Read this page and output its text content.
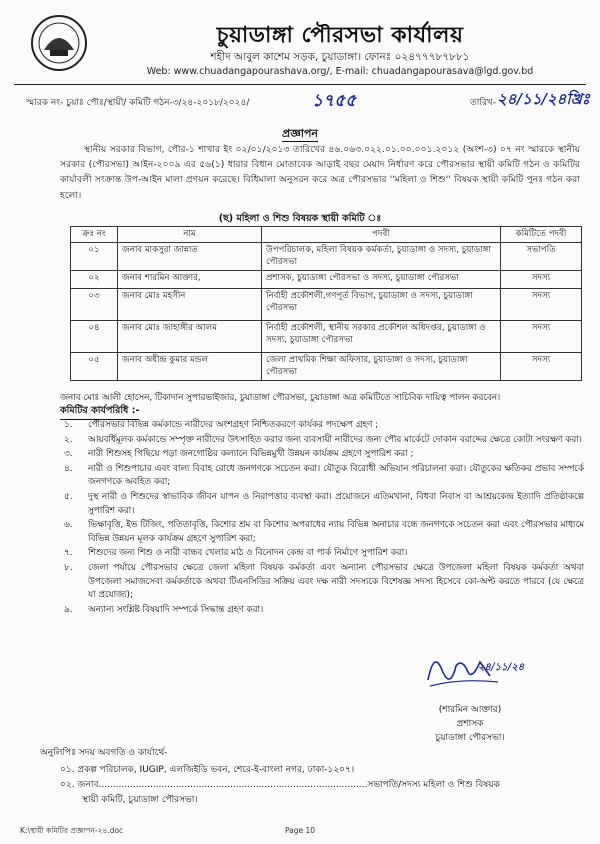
চুয়াডাঙ্গা পৌরসভা কার্যালয়
শহীদ আবুল কাশেম সড়ক, চুয়াডাঙ্গা। ফোনঃ ০২৪৭৭৭৮৭৮৮১
Web: www.chuadangapourashava.org/, E-mail: chuadangapourasava@lgd.gov.bd
স্মারক নং- চুয়াঃ পৌঃ/স্থায়ী/ কমিটি গঠন-৩/২৪-২০১৮/২০২৪/	১৭৫৫	তারিখ- ২৪/১১/২৪খ্রিঃ
প্রজ্ঞাপন
স্থানীয় সরকার বিভাগ, পৌর-১ শাখার ইং ০২/০১/২০১৩ তারিখের ৪৬.০৬৩.০২২.০১.০০.০০১.২০১২ (অংশ-৩) ০৭ নং স্মারকে স্থানীয় সরকার (পৌরসভা) আইন-২০০৯ এর ৫৬(১) ধারার বিধান মোতাবেক আড়াই বছর মেয়াদ নির্ধারণ করে পৌরসভার স্থায়ী কমিটি গঠন ও কমিটির কার্যাবলী সংক্রান্ত উপ-আইন মালা প্রণয়ন করেছে। বিধিমালা অনুসরন করে অত্র পৌরসভার ''মহিলা ও শিশু'' বিষয়ক স্থায়ী কমিটি পুনঃ গঠন করা হলো।
(ছ) মহিলা ও শিশু বিষয়ক স্থায়ী কমিটি ঃ
ক্রঃ নং	নাম	পদবী	কমিটিতে পদবী
০১	জনাব মাকসুরা জান্নাত	উপপরিচালক, মহিলা বিষয়ক কর্মকর্তা, চুয়াডাঙ্গা ও সদস্য, চুয়াডাঙ্গা পৌরসভা	সভাপতি
০২	জনাব শারমিন আক্তার,	প্রশাসক, চুয়াডাঙ্গা পৌরসভা ও সদস্য, চুয়াডাঙ্গা পৌরসভা	সদস্য
০৩	জনাব মোঃ মহসীন	নির্বাহী প্রকৌশলী,গণপূর্ত বিভাগ, চুয়াডাঙ্গা ও সদস্য, চুয়াডাঙ্গা পৌরসভা	সদস্য
০৪	জনাব মোঃ জাহাঙ্গীর আলম	নির্বাহী প্রকৌশলী, স্থানীয় সরকার প্রকৌশল অধিদপ্তর, চুয়াডাঙ্গা ও সদস্য, চুয়াডাঙ্গা পৌরসভা	সদস্য
০৫	জনাব অধীন্দ্র কুমার মন্ডল	জেলা প্রাথমিক শিক্ষা অফিসার, চুয়াডাঙ্গা ও সদস্য, চুয়াডাঙ্গা পৌরসভা	সদস্য
জনাব মোঃ আলী হোসেন, টিকাদান সুপারভাইজার, চুয়াডাঙ্গা পৌরসভা, চুয়াডাঙ্গা অত্র কমিটিতে সাচিবিক দায়িত্ব পালন করবেন।
কমিটির কার্যপরিধি :-
১. পৌরসভার বিভিন্ন কর্মকান্ডে নারীদের অংশগ্রহণ নিশ্চিতকরণে কার্যকর পদক্ষেপ গ্রহণ ;
২. আয়বর্ধিমূলক কর্মকান্ডে সম্পৃক্ত নারীদের উৎসাহিত করার জন্য ব্যবসায়ী নারীদের জন্য পৌর মার্কেটে দোকান বরাদ্দের ক্ষেত্রে কোটা সংরক্ষণ করা।
৩. নারী শিশুসহ পিছিয়ে পড়া জনগোষ্ঠির কল্যানে বিভিন্নমুখী উন্নয়ন কার্যক্রম গ্রহণে সুপারিশ করা ;
৪. নারী ও শিশুপাচার এবং বাল্য বিবাহ রোধে জনগণকে সচেতন করা। যৌতুক বিরোধী অভিযান পরিচালনা করা। যৌতুকের ক্ষতিকর প্রভাব সম্পর্কে জনগণকে অবহিত করা;
৫. দুস্থ নারী ও শিশুদের স্বাভাবিক জীবন যাপন ও নিরাপত্তার ব্যবস্থা করা। প্রয়োজনে এতিমখানা, বিধবা নিবাস বা আশ্রয়কেন্দ্র ইত্যাদি প্রতিষ্ঠাকল্পে সুপারিশ করা।
৬. ভিক্ষাবৃত্তি, ইভ টিজিং, পতিতাবৃত্তি, কিশোর শ্রম বা কিশোর অপরাধের ন্যায় বিভিন্ন অনাচার বন্ধে জনগণকে সচেতন করা এবং পৌরসভার মাধ্যমে বিভিন্ন উন্নয়ন মূলক কার্যক্রম গ্রহণে সুপারিশ করা;
৭. শিশুদের জন্য শিশু ও নারী বান্ধব খেলার মাঠ ও বিনোদন কেন্দ্র বা পার্ক নির্মাণে সুপারিশ করা।
৮. জেলা পর্যায়ে পৌরসভার ক্ষেত্রে জেলা মহিলা বিষয়ক কর্মকর্তা এবং অন্যান্য পৌরসভার ক্ষেত্রে উপজেলা মহিলা বিষয়ক কর্মকর্তা অথবা উপজেলা সমাজসেবা কর্মকর্তাকে অথবা টিএনসিডির সক্রিয় এবং দক্ষ নারী সদস্যকে বিশেষজ্ঞ সদস্য হিসেবে কো-অপ্ট করতে পারবে (যে ক্ষেত্রে যা প্রযোজ্য);
৯. অন্যান্য সংশ্লিষ্ট বিষয়াদি সম্পর্কে সিদ্ধান্ত গ্রহণ করা।
২৪/১১/২৪
(শারমিন আক্তার)
প্রশাসক
চুয়াডাঙ্গা পৌরসভা।
অনুলিপিঃ সদয় অবগতি ও কার্যার্থে-
০১. প্রকল্প পরিচালক, IUGIP, এলজিইডি ভবন, শেরে-ই-বাংলা নগর, ঢাকা-১২০৭।
০২. জনাব..............................................................................................সভাপতি/সদস্য মহিলা ও শিশু বিষয়ক
স্থায়ী কমিটি, চুয়াডাঙ্গা পৌরসভা।
K:\স্থায়ী কমিটির প্রজ্ঞাপন-২৪.doc	Page 10
